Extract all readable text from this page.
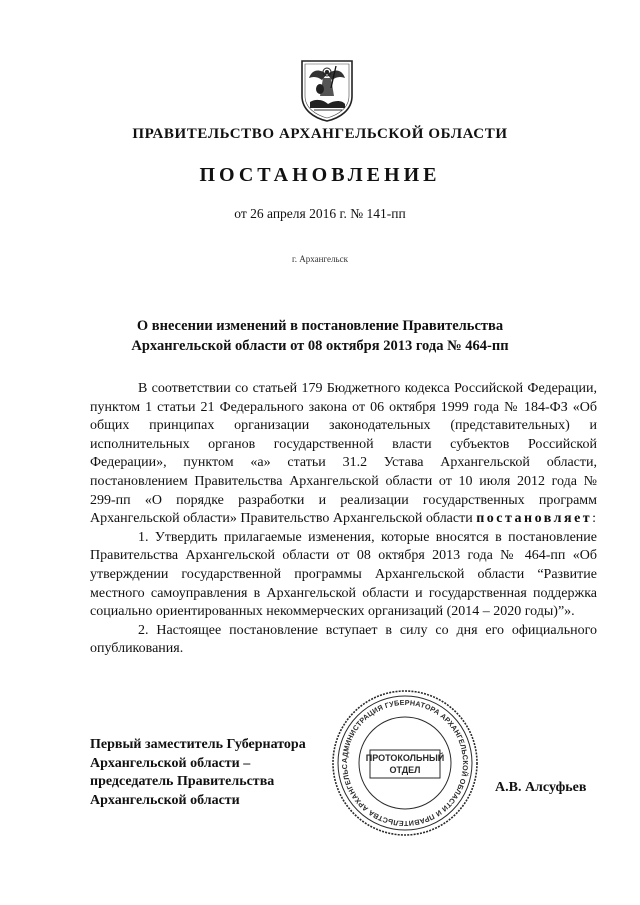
ПРАВИТЕЛЬСТВО АРХАНГЕЛЬСКОЙ ОБЛАСТИ
ПОСТАНОВЛЕНИЕ
от 26 апреля 2016 г. № 141-пп
г. Архангельск
О внесении изменений в постановление Правительства
Архангельской области от 08 октября 2013 года № 464-пп

В соответствии со статьей 179 Бюджетного кодекса Российской Федерации, пунктом 1 статьи 21 Федерального закона от 06 октября 1999 года № 184-ФЗ «Об общих принципах организации законодательных (представительных) и исполнительных органов государственной власти субъектов Российской Федерации», пунктом «а» статьи 31.2 Устава Архангельской области, постановлением Правительства Архангельской области от 10 июля 2012 года № 299-пп «О порядке разработки и реализации государственных программ Архангельской области» Правительство Архангельской области постановляет:

1. Утвердить прилагаемые изменения, которые вносятся в постановление Правительства Архангельской области от 08 октября 2013 года № 464-пп «Об утверждении государственной программы Архангельской области “Развитие местного самоуправления в Архангельской области и государственная поддержка социально ориентированных некоммерческих организаций (2014 – 2020 годы)”».

2. Настоящее постановление вступает в силу со дня его официального опубликования.

Первый заместитель Губернатора
Архангельской области –
председатель Правительства
Архангельской области
А.В. Алсуфьев
АДМИНИСТРАЦИЯ ГУБЕРНАТОРА АРХАНГЕЛЬСКОЙ ОБЛАСТИ И ПРАВИТЕЛЬСТВА АРХАНГЕЛЬС
ПРОТОКОЛЬНЫЙ
ОТДЕЛ
